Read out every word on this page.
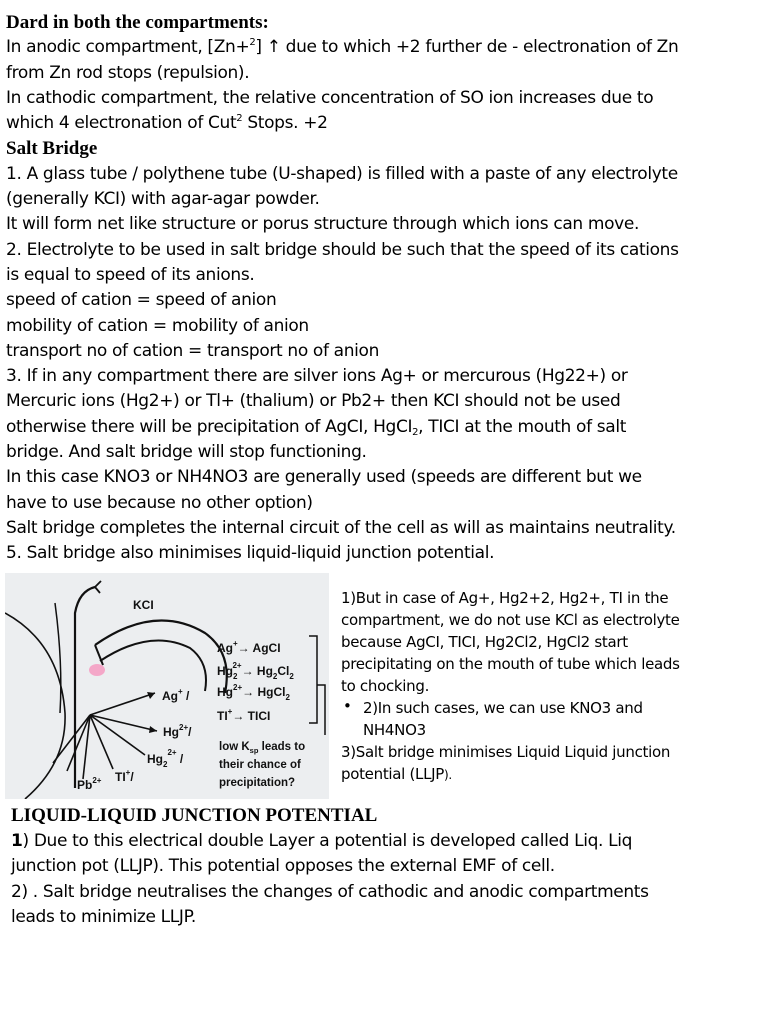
Dard in both the compartments:
In anodic compartment, [Zn+$^2$] ↑ due to which +2 further de - electronation of Zn
from Zn rod stops (repulsion).
In cathodic compartment, the relative concentration of SO ion increases due to
which 4 electronation of Cut$^2$ Stops. +2
Salt Bridge
1. A glass tube / polythene tube (U-shaped) is filled with a paste of any electrolyte
(generally KCI) with agar-agar powder.
It will form net like structure or porus structure through which ions can move.
2. Electrolyte to be used in salt bridge should be such that the speed of its cations
is equal to speed of its anions.
speed of cation = speed of anion
mobility of cation = mobility of anion
transport no of cation = transport no of anion
3. If in any compartment there are silver ions Ag+ or mercurous (Hg22+) or
Mercuric ions (Hg2+) or Tl+ (thalium) or Pb2+ then KCI should not be used
otherwise there will be precipitation of AgCI, HgCI$_2$, TICI at the mouth of salt
bridge. And salt bridge will stop functioning.
In this case KNO3 or NH4NO3 are generally used (speeds are different but we
have to use because no other option)
Salt bridge completes the internal circuit of the cell as will as maintains neutrality.
5. Salt bridge also minimises liquid-liquid junction potential.
KCI
Ag+ /
$Hg^{2+}/$
$Hg_2^{2+}$ /
TI+/
$Pb^{2+}$
Ag+→ AgCI
$Hg_22+\to Hg_2Cl_2$
$Hg^{2+}\to$ HgCl$_2$
TI+→ TICI
low $K_{sp}$ leads to
their chance of
precipitation?
1)But in case of Ag+, Hg2+2, Hg2+, TI in the
compartment, we do not use KCl as electrolyte
because AgCI, TICI, Hg2Cl2, HgCl2 start
precipitating on the mouth of tube which leads
to chocking.
• 2)In such cases, we can use KNO3 and
NH4NO3
3)Salt bridge minimises Liquid Liquid junction
potential (LLJP).
LIQUID-LIQUID JUNCTION POTENTIAL
1) Due to this electrical double Layer a potential is developed called Liq. Liq
junction pot (LLJP). This potential opposes the external EMF of cell.
2) . Salt bridge neutralises the changes of cathodic and anodic compartments
leads to minimize LLJP.
